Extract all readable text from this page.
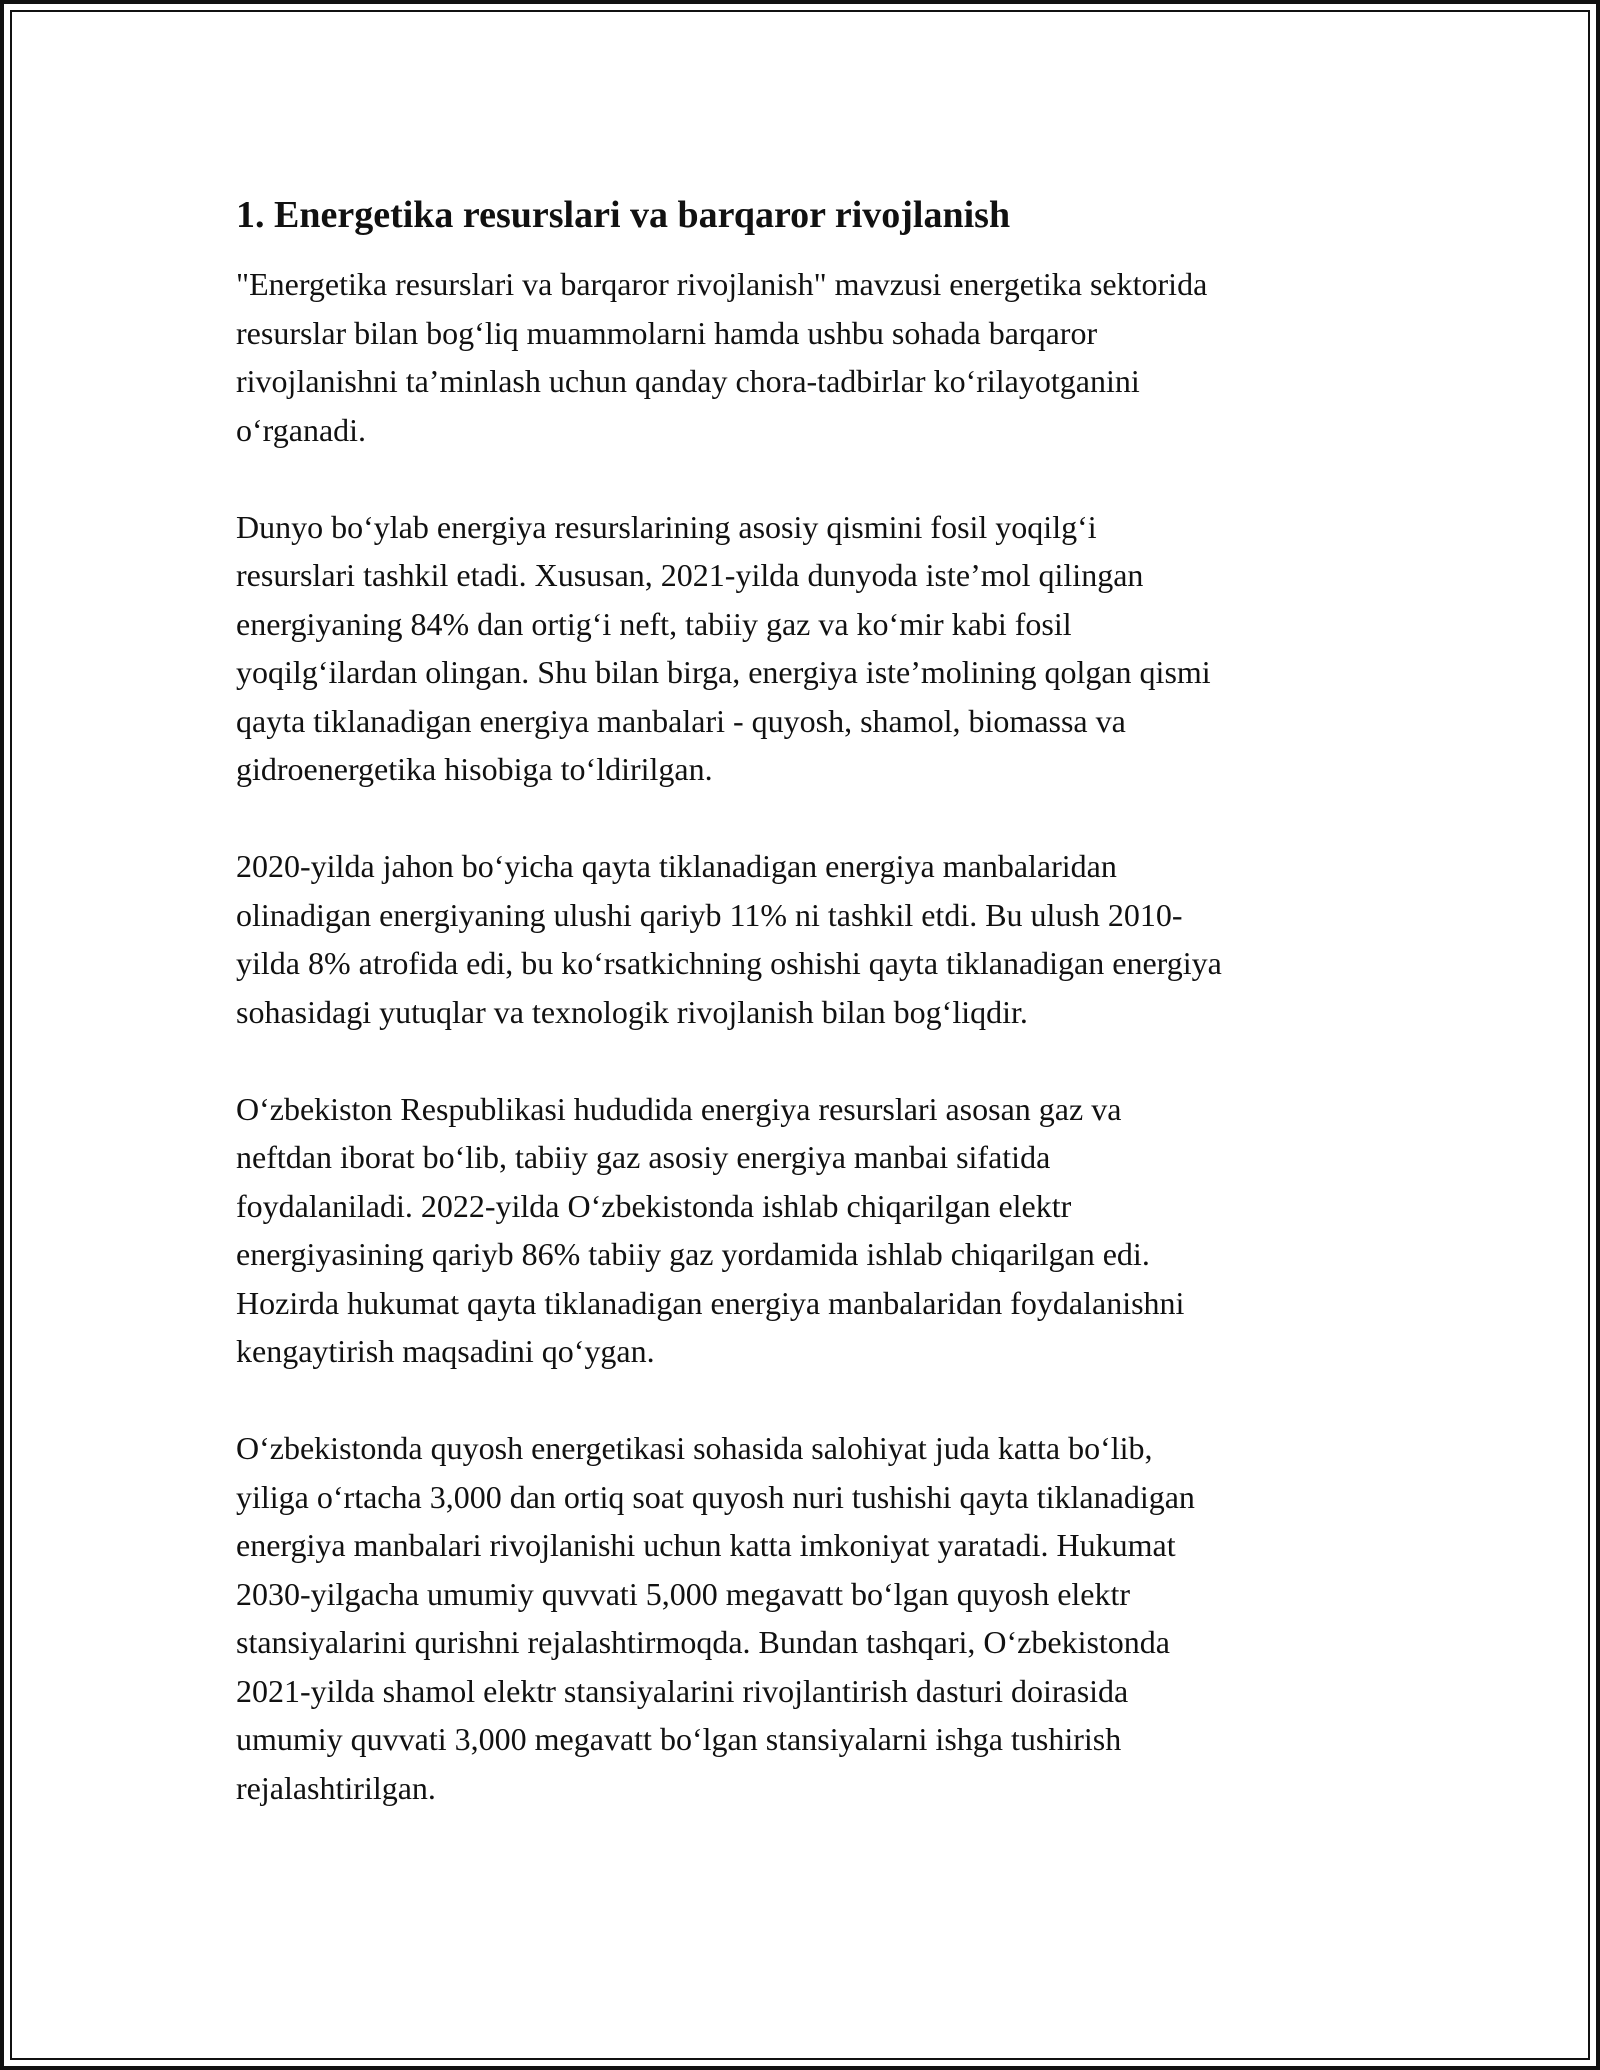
1. Energetika resurslari va barqaror rivojlanish

"Energetika resurslari va barqaror rivojlanish" mavzusi energetika sektorida
resurslar bilan bog‘liq muammolarni hamda ushbu sohada barqaror
rivojlanishni ta’minlash uchun qanday chora-tadbirlar ko‘rilayotganini
o‘rganadi.

Dunyo bo‘ylab energiya resurslarining asosiy qismini fosil yoqilg‘i
resurslari tashkil etadi. Xususan, 2021-yilda dunyoda iste’mol qilingan
energiyaning 84% dan ortig‘i neft, tabiiy gaz va ko‘mir kabi fosil
yoqilg‘ilardan olingan. Shu bilan birga, energiya iste’molining qolgan qismi
qayta tiklanadigan energiya manbalari - quyosh, shamol, biomassa va
gidroenergetika hisobiga to‘ldirilgan.

2020-yilda jahon bo‘yicha qayta tiklanadigan energiya manbalaridan
olinadigan energiyaning ulushi qariyb 11% ni tashkil etdi. Bu ulush 2010-
yilda 8% atrofida edi, bu ko‘rsatkichning oshishi qayta tiklanadigan energiya
sohasidagi yutuqlar va texnologik rivojlanish bilan bog‘liqdir.

O‘zbekiston Respublikasi hududida energiya resurslari asosan gaz va
neftdan iborat bo‘lib, tabiiy gaz asosiy energiya manbai sifatida
foydalaniladi. 2022-yilda O‘zbekistonda ishlab chiqarilgan elektr
energiyasining qariyb 86% tabiiy gaz yordamida ishlab chiqarilgan edi.
Hozirda hukumat qayta tiklanadigan energiya manbalaridan foydalanishni
kengaytirish maqsadini qo‘ygan.

O‘zbekistonda quyosh energetikasi sohasida salohiyat juda katta bo‘lib,
yiliga o‘rtacha 3,000 dan ortiq soat quyosh nuri tushishi qayta tiklanadigan
energiya manbalari rivojlanishi uchun katta imkoniyat yaratadi. Hukumat
2030-yilgacha umumiy quvvati 5,000 megavatt bo‘lgan quyosh elektr
stansiyalarini qurishni rejalashtirmoqda. Bundan tashqari, O‘zbekistonda
2021-yilda shamol elektr stansiyalarini rivojlantirish dasturi doirasida
umumiy quvvati 3,000 megavatt bo‘lgan stansiyalarni ishga tushirish
rejalashtirilgan.
